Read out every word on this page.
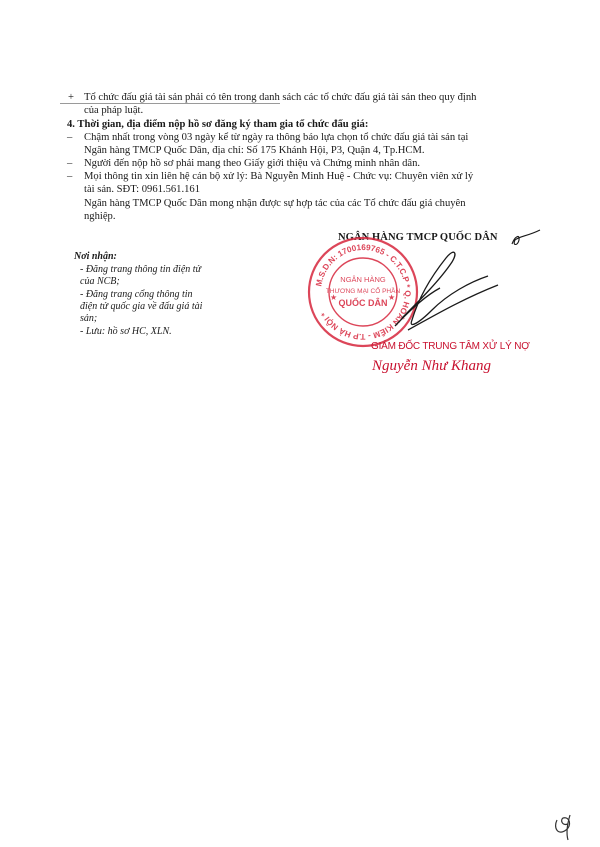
+ Tổ chức đấu giá tài sản phải có tên trong danh sách các tổ chức đấu giá tài sản theo quy định
của pháp luật.
4. Thời gian, địa điểm nộp hồ sơ đăng ký tham gia tổ chức đấu giá:
– Chậm nhất trong vòng 03 ngày kể từ ngày ra thông báo lựa chọn tổ chức đấu giá tài sản tại
Ngân hàng TMCP Quốc Dân, địa chỉ: Số 175 Khánh Hội, P3, Quận 4, Tp.HCM.
– Người đến nộp hồ sơ phải mang theo Giấy giới thiệu và Chứng minh nhân dân.
– Mọi thông tin xin liên hệ cán bộ xử lý: Bà Nguyễn Minh Huệ - Chức vụ: Chuyên viên xử lý
tài sản. SĐT: 0961.561.161
Ngân hàng TMCP Quốc Dân mong nhận được sự hợp tác của các Tổ chức đấu giá chuyên
nghiệp.
Nơi nhận:
- Đăng trang thông tin điện tử
của NCB;
- Đăng trang cổng thông tin
điện tử quốc gia về đấu giá tài
sản;
- Lưu: hồ sơ HC, XLN.
NGÂN HÀNG TMCP QUỐC DÂN
M.S.D.N: 1700169765 - C.T.C.P * Q. HOÀN KIẾM - T.P HÀ NỘI *
NGÂN HÀNG
THƯƠNG MẠI CỔ PHẦN
QUỐC DÂN
★	★
GIÁM ĐỐC TRUNG TÂM XỬ LÝ NỢ
Nguyễn Như Khang
